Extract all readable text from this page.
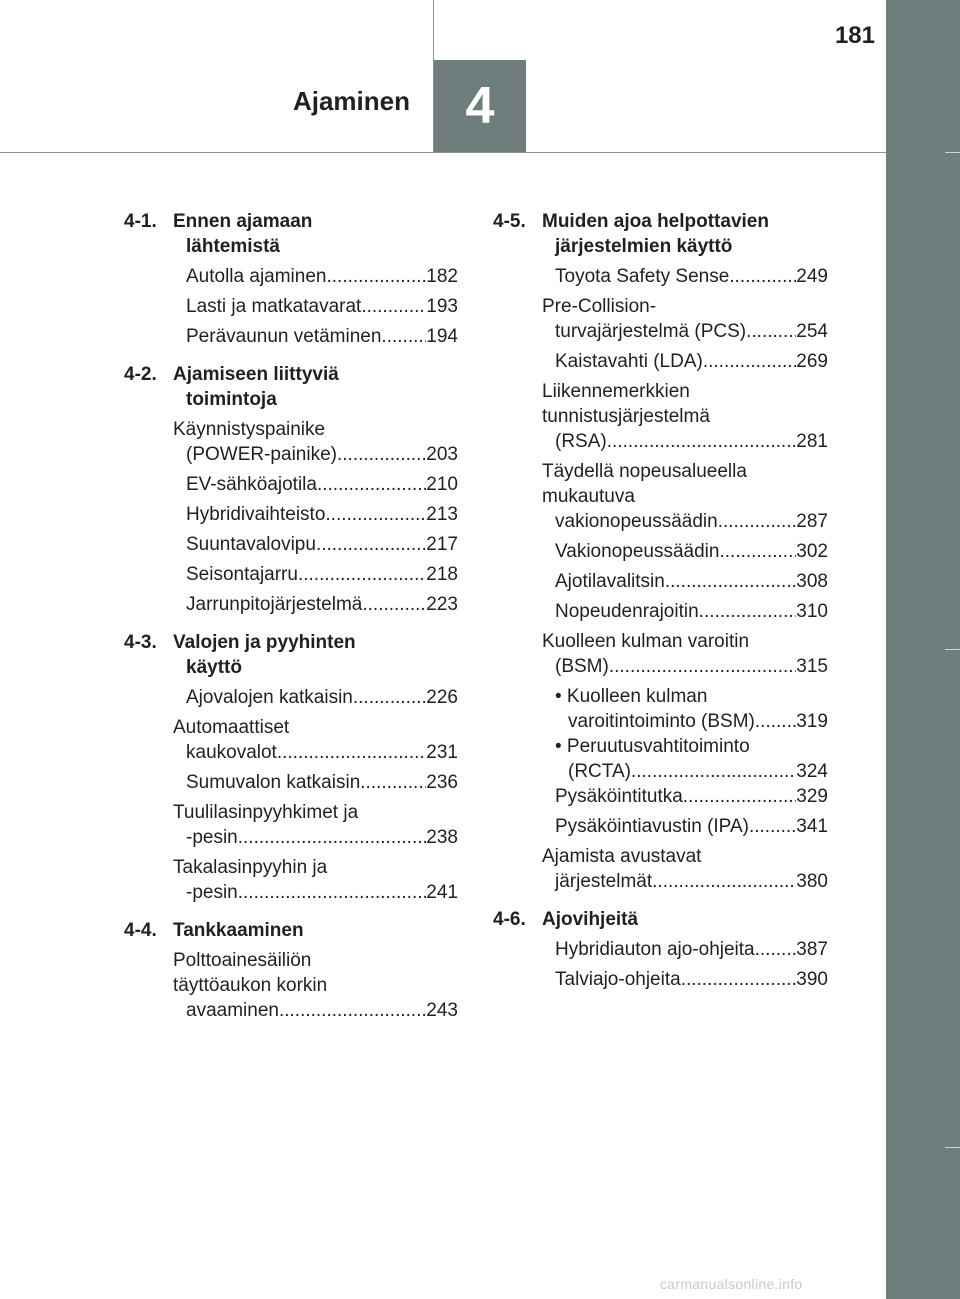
181
Ajaminen 4
4-1. Ennen ajamaan
lähtemistä
Autolla ajaminen .....	182
Lasti ja matkatavarat .....	193
Perävaunun vetäminen ..... 194
4-2. Ajamiseen liittyviä
toimintoja
Käynnistyspainike
(POWER-painike) .....	203
EV-sähköajotila .....	210
Hybridivaihteisto .....	213
Suuntavalovipu .....	217
Seisontajarru .....	218
Jarrunpitojärjestelmä .....	223
4-3. Valojen ja pyyhinten
käyttö
Ajovalojen katkaisin .....	226
Automaattiset
kaukovalot .....	231
Sumuvalon katkaisin .....	236
Tuulilasinpyyhkimet ja
-pesin .....	238
Takalasinpyyhin ja
-pesin .....	241
4-4. Tankkaaminen
Polttoainesäiliön
täyttöaukon korkin
avaaminen .....	243
4-5. Muiden ajoa helpottavien
järjestelmien käyttö
Toyota Safety Sense .....	249
Pre-Collision-
turvajärjestelmä (PCS) .....	254
Kaistavahti (LDA) .....	269
Liikennemerkkien
tunnistusjärjestelmä
(RSA) .....	281
Täydellä nopeusalueella
mukautuva
vakionopeussäädin .....	287
Vakionopeussäädin .....	302
Ajotilavalitsin .....	308
Nopeudenrajoitin .....	310
Kuolleen kulman varoitin
(BSM) .....	315
• Kuolleen kulman
varoitintoiminto (BSM) ..... 319
• Peruutusvahtitoiminto
(RCTA) .....	324
Pysäköintitutka .....	329
Pysäköintiavustin (IPA) ..... 341
Ajamista avustavat
järjestelmät .....	380
4-6. Ajovihjeitä
Hybridiauton ajo-ohjeita ..... 387
Talviajo-ohjeita .....	390
carmanualsonline.info
